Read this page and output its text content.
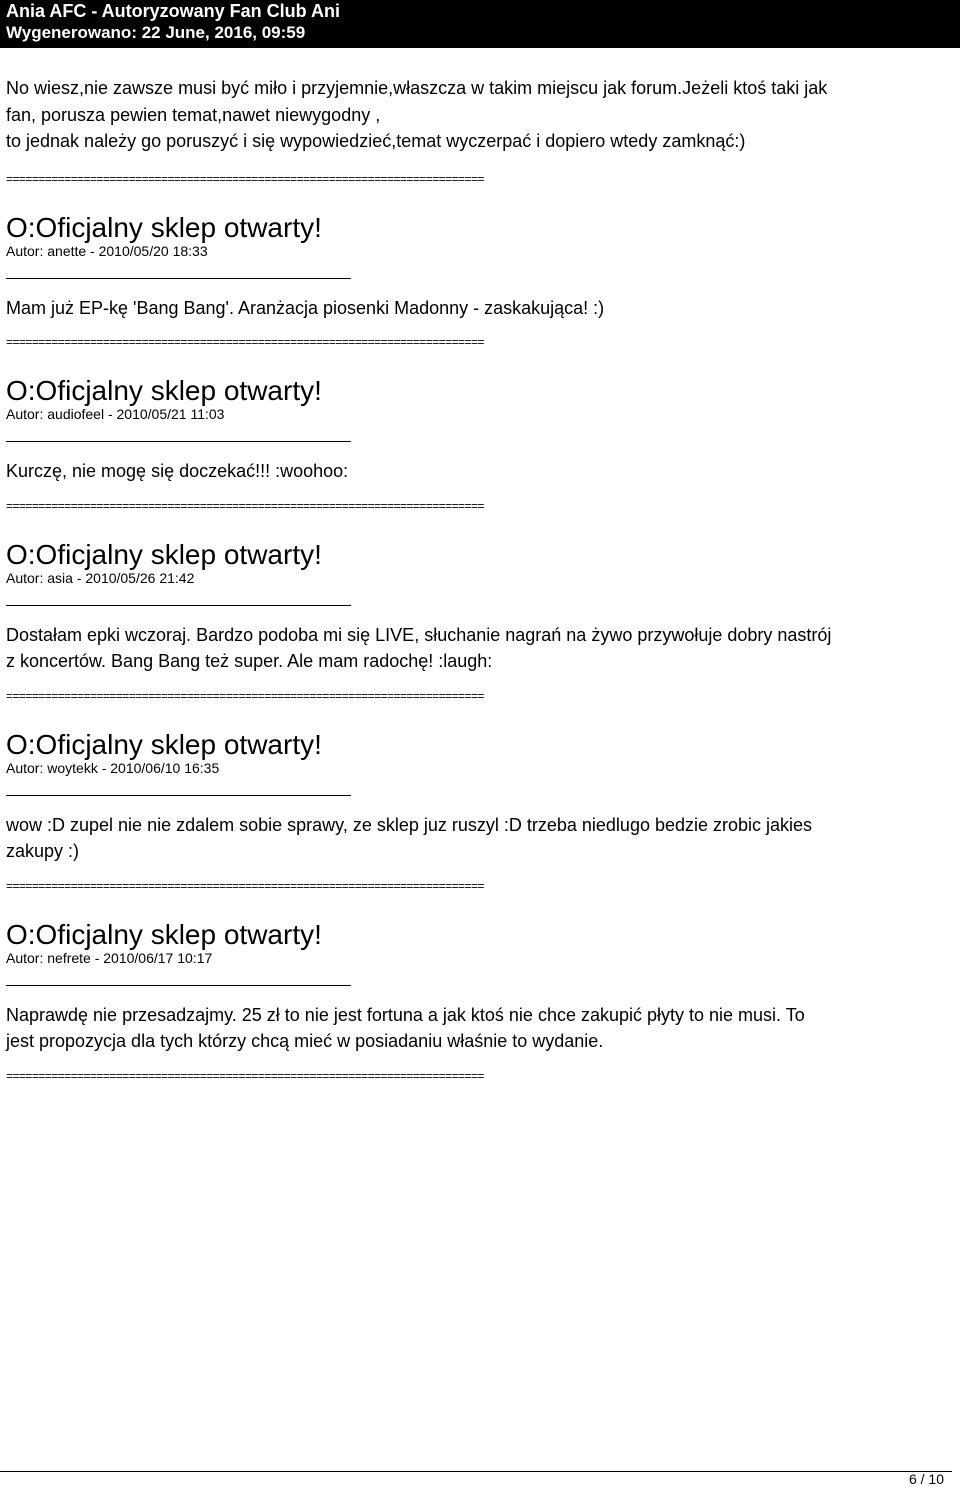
Ania AFC - Autoryzowany Fan Club Ani
Wygenerowano: 22 June, 2016, 09:59

No wiesz,nie zawsze musi być miło i przyjemnie,właszcza w takim miejscu jak forum.Jeżeli ktoś taki jak

fan, porusza pewien temat,nawet niewygodny ,

to jednak należy go poruszyć i się wypowiedzieć,temat wyczerpać i dopiero wtedy zamknąć:)

==========================================================================
O:Oficjalny sklep otwarty!
Autor: anette - 2010/05/20 18:33

Mam już EP-kę 'Bang Bang'. Aranżacja piosenki Madonny - zaskakująca! :)

==========================================================================
O:Oficjalny sklep otwarty!
Autor: audiofeel - 2010/05/21 11:03

Kurczę, nie mogę się doczekać!!! :woohoo:

==========================================================================
O:Oficjalny sklep otwarty!
Autor: asia - 2010/05/26 21:42

Dostałam epki wczoraj. Bardzo podoba mi się LIVE, słuchanie nagrań na żywo przywołuje dobry nastrój

z koncertów. Bang Bang też super. Ale mam radochę! :laugh:

==========================================================================
O:Oficjalny sklep otwarty!
Autor: woytekk - 2010/06/10 16:35

wow :D zupel nie nie zdalem sobie sprawy, ze sklep juz ruszyl :D trzeba niedlugo bedzie zrobic jakies

zakupy :)

==========================================================================
O:Oficjalny sklep otwarty!
Autor: nefrete - 2010/06/17 10:17

Naprawdę nie przesadzajmy. 25 zł to nie jest fortuna a jak ktoś nie chce zakupić płyty to nie musi. To

jest propozycja dla tych którzy chcą mieć w posiadaniu właśnie to wydanie.

==========================================================================
6 / 10
